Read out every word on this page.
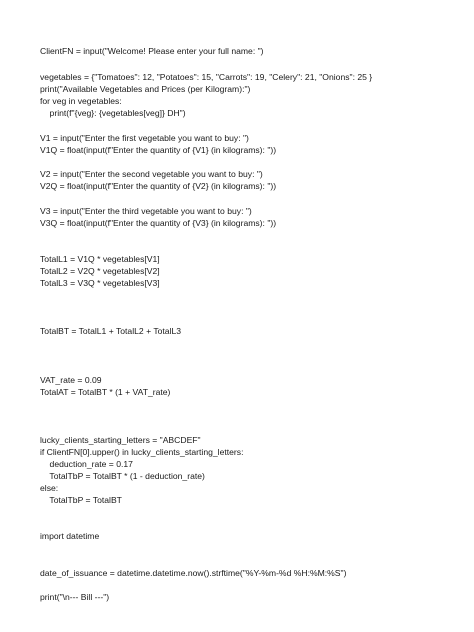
ClientFN = input("Welcome! Please enter your full name: ")

vegetables = {"Tomatoes": 12, "Potatoes": 15, "Carrots": 19, "Celery": 21, "Onions": 25 }

print("Available Vegetables and Prices (per Kilogram):")

for veg in vegetables:

print(f"{veg}: {vegetables[veg]} DH")

V1 = input("Enter the first vegetable you want to buy: ")

V1Q = float(input(f"Enter the quantity of {V1} (in kilograms): "))

V2 = input("Enter the second vegetable you want to buy: ")

V2Q = float(input(f"Enter the quantity of {V2} (in kilograms): "))

V3 = input("Enter the third vegetable you want to buy: ")

V3Q = float(input(f"Enter the quantity of {V3} (in kilograms): "))

TotalL1 = V1Q * vegetables[V1]

TotalL2 = V2Q * vegetables[V2]

TotalL3 = V3Q * vegetables[V3]

TotalBT = TotalL1 + TotalL2 + TotalL3

VAT_rate = 0.09

TotalAT = TotalBT * (1 + VAT_rate)

lucky_clients_starting_letters = "ABCDEF"

if ClientFN[0].upper() in lucky_clients_starting_letters:

deduction_rate = 0.17

TotalTbP = TotalBT * (1 - deduction_rate)

else:

TotalTbP = TotalBT

import datetime

date_of_issuance = datetime.datetime.now().strftime("%Y-%m-%d %H:%M:%S")

print("\n--- Bill ---")
